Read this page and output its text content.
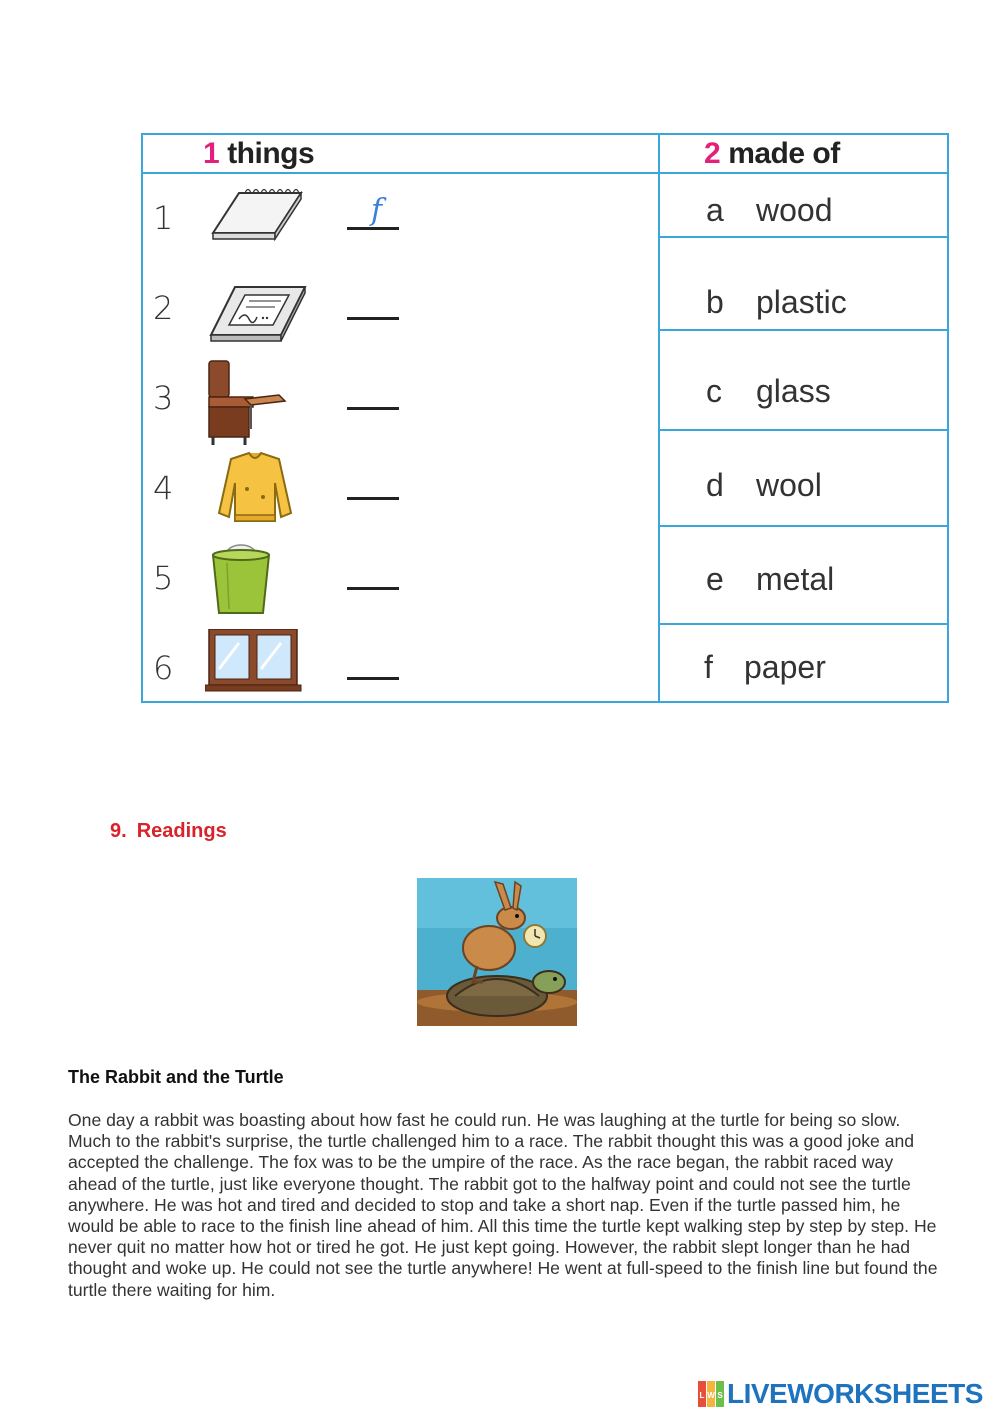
1 things	2 made of
1	f
2
3
4
5
6
a wood
b plastic
c glass
d wool
e metal
f paper
9. Readings
The Rabbit and the Turtle
One day a rabbit was boasting about how fast he could run. He was laughing at the turtle for being so slow. Much to the rabbit's surprise, the turtle challenged him to a race. The rabbit thought this was a good joke and accepted the challenge. The fox was to be the umpire of the race. As the race began, the rabbit raced way ahead of the turtle, just like everyone thought. The rabbit got to the halfway point and could not see the turtle anywhere. He was hot and tired and decided to stop and take a short nap. Even if the turtle passed him, he would be able to race to the finish line ahead of him. All this time the turtle kept walking step by step by step. He never quit no matter how hot or tired he got. He just kept going. However, the rabbit slept longer than he had thought and woke up. He could not see the turtle anywhere! He went at full-speed to the finish line but found the turtle there waiting for him.
L W S LIVEWORKSHEETS
